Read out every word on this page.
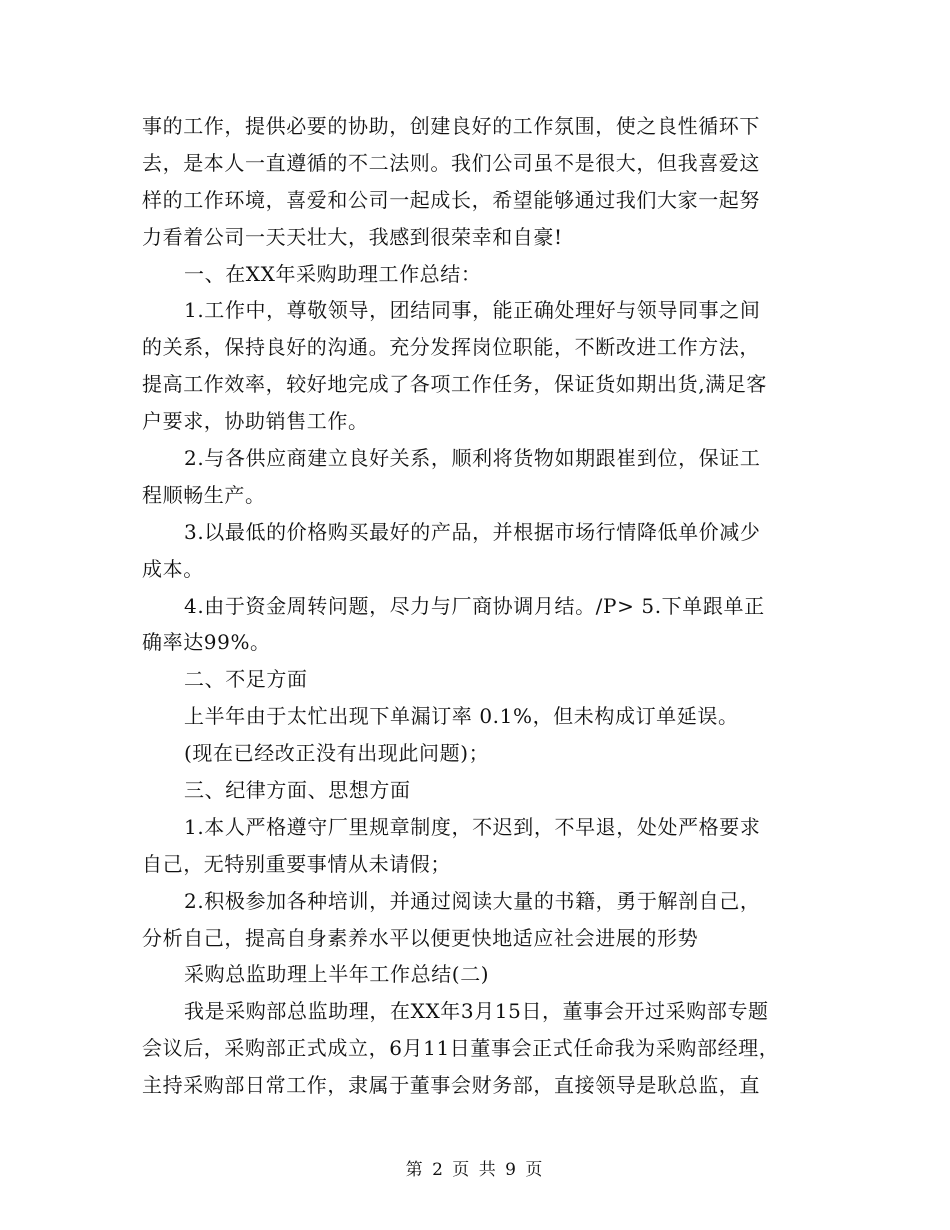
事的工作，提供必要的协助，创建良好的工作氛围，使之良性循环下
去，是本人一直遵循的不二法则。我们公司虽不是很大，但我喜爱这
样的工作环境，喜爱和公司一起成长，希望能够通过我们大家一起努
力看着公司一天天壮大，我感到很荣幸和自豪!
一、在XX年采购助理工作总结：
1.工作中，尊敬领导，团结同事，能正确处理好与领导同事之间
的关系，保持良好的沟通。充分发挥岗位职能，不断改进工作方法，
提高工作效率，较好地完成了各项工作任务，保证货如期出货,满足客
户要求，协助销售工作。
2.与各供应商建立良好关系，顺利将货物如期跟崔到位，保证工
程顺畅生产。
3.以最低的价格购买最好的产品，并根据市场行情降低单价减少
成本。
4.由于资金周转问题，尽力与厂商协调月结。/P> 5.下单跟单正
确率达99%。
二、不足方面
上半年由于太忙出现下单漏订率 0.1%，但未构成订单延误。
(现在已经改正没有出现此问题)；
三、纪律方面、思想方面
1.本人严格遵守厂里规章制度，不迟到，不早退，处处严格要求
自己，无特别重要事情从未请假；
2.积极参加各种培训，并通过阅读大量的书籍，勇于解剖自己，
分析自己，提高自身素养水平以便更快地适应社会进展的形势
采购总监助理上半年工作总结(二)
我是采购部总监助理，在XX年3月15日，董事会开过采购部专题
会议后，采购部正式成立，6月11日董事会正式任命我为采购部经理，
主持采购部日常工作，隶属于董事会财务部，直接领导是耿总监，直
第 2 页 共 9 页
